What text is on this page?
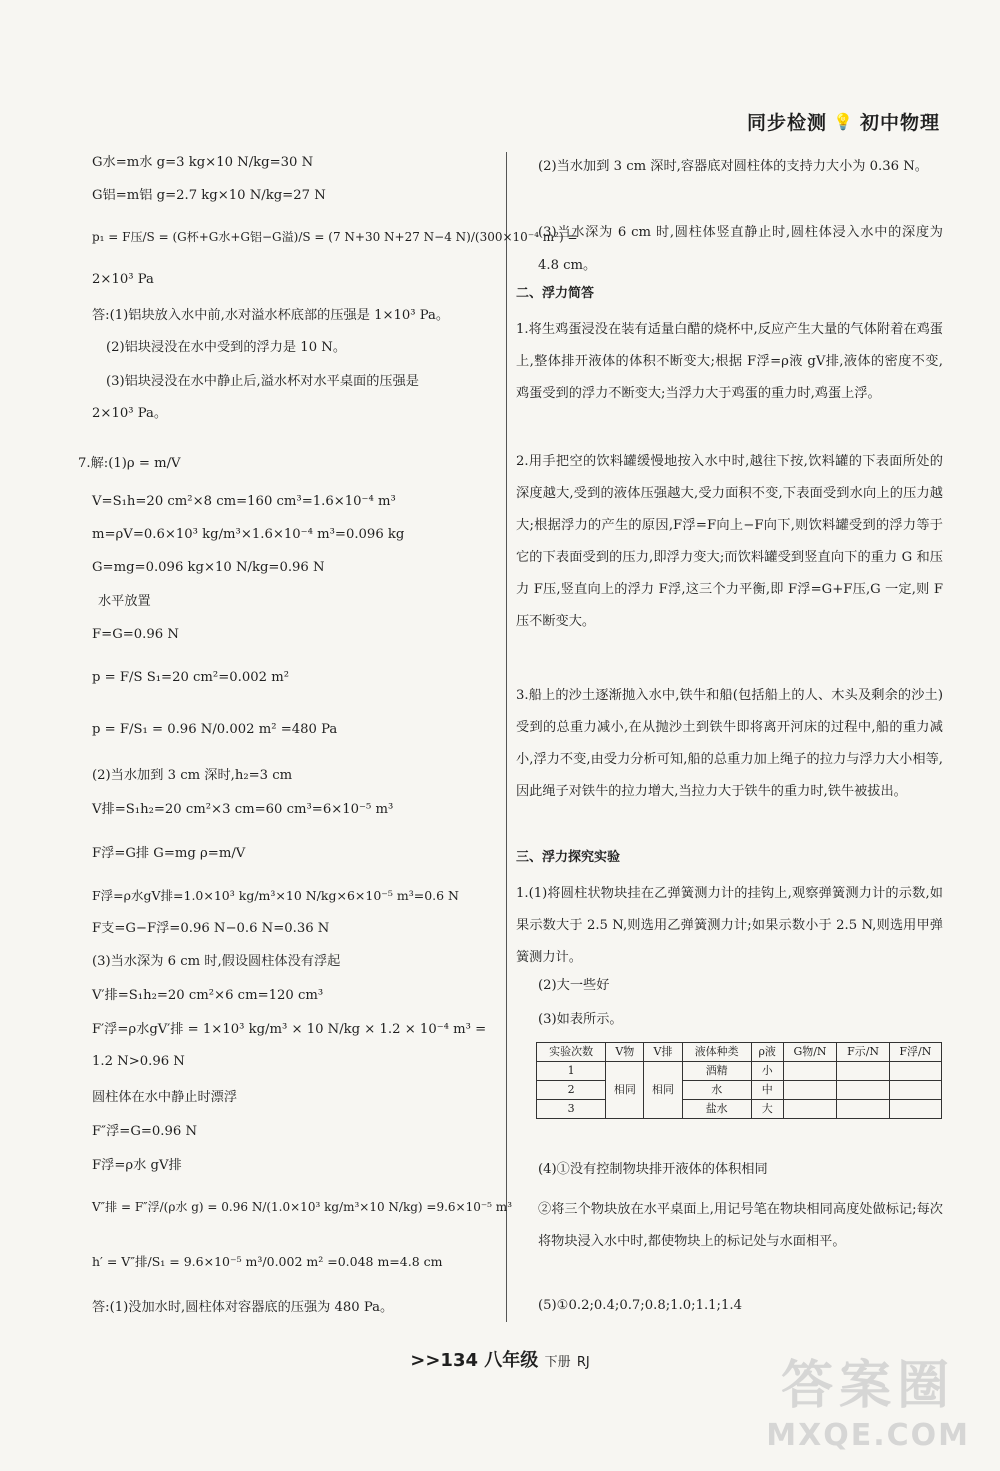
同步检测 💡 初中物理
G水=m水 g=3 kg×10 N/kg=30 N
G铝=m铝 g=2.7 kg×10 N/kg=27 N
p₁ = F压/S = (G杯+G水+G铝−G溢)/S = (7 N+30 N+27 N−4 N)/(300×10⁻⁴ m²) =
2×10³ Pa
答:(1)铝块放入水中前,水对溢水杯底部的压强是 1×10³ Pa。
(2)铝块浸没在水中受到的浮力是 10 N。
(3)铝块浸没在水中静止后,溢水杯对水平桌面的压强是
2×10³ Pa。
7.解:(1)ρ = m/V
V=S₁h=20 cm²×8 cm=160 cm³=1.6×10⁻⁴ m³
m=ρV=0.6×10³ kg/m³×1.6×10⁻⁴ m³=0.096 kg
G=mg=0.096 kg×10 N/kg=0.96 N
水平放置
F=G=0.96 N
p = F/S S₁=20 cm²=0.002 m²
p = F/S₁ = 0.96 N/0.002 m² =480 Pa
(2)当水加到 3 cm 深时,h₂=3 cm
V排=S₁h₂=20 cm²×3 cm=60 cm³=6×10⁻⁵ m³
F浮=G排 G=mg ρ=m/V
F浮=ρ水gV排=1.0×10³ kg/m³×10 N/kg×6×10⁻⁵ m³=0.6 N
F支=G−F浮=0.96 N−0.6 N=0.36 N
(3)当水深为 6 cm 时,假设圆柱体没有浮起
V′排=S₁h₂=20 cm²×6 cm=120 cm³
F′浮=ρ水gV′排 = 1×10³ kg/m³ × 10 N/kg × 1.2 × 10⁻⁴ m³ =
1.2 N>0.96 N
圆柱体在水中静止时漂浮
F″浮=G=0.96 N
F浮=ρ水 gV排
V″排 = F″浮/(ρ水 g) = 0.96 N/(1.0×10³ kg/m³×10 N/kg) =9.6×10⁻⁵ m³
h′ = V″排/S₁ = 9.6×10⁻⁵ m³/0.002 m² =0.048 m=4.8 cm
答:(1)没加水时,圆柱体对容器底的压强为 480 Pa。
(2)当水加到 3 cm 深时,容器底对圆柱体的支持力大小为 0.36 N。
(3)当水深为 6 cm 时,圆柱体竖直静止时,圆柱体浸入水中的深度为 4.8 cm。
二、浮力简答
1.将生鸡蛋浸没在装有适量白醋的烧杯中,反应产生大量的气体附着在鸡蛋上,整体排开液体的体积不断变大;根据 F浮=ρ液 gV排,液体的密度不变,鸡蛋受到的浮力不断变大;当浮力大于鸡蛋的重力时,鸡蛋上浮。
2.用手把空的饮料罐缓慢地按入水中时,越往下按,饮料罐的下表面所处的深度越大,受到的液体压强越大,受力面积不变,下表面受到水向上的压力越大;根据浮力的产生的原因,F浮=F向上−F向下,则饮料罐受到的浮力等于它的下表面受到的压力,即浮力变大;而饮料罐受到竖直向下的重力 G 和压力 F压,竖直向上的浮力 F浮,这三个力平衡,即 F浮=G+F压,G 一定,则 F压不断变大。
3.船上的沙土逐渐抛入水中,铁牛和船(包括船上的人、木头及剩余的沙土)受到的总重力减小,在从抛沙土到铁牛即将离开河床的过程中,船的重力减小,浮力不变,由受力分析可知,船的总重力加上绳子的拉力与浮力大小相等,因此绳子对铁牛的拉力增大,当拉力大于铁牛的重力时,铁牛被拔出。
三、浮力探究实验
1.(1)将圆柱状物块挂在乙弹簧测力计的挂钩上,观察弹簧测力计的示数,如果示数大于 2.5 N,则选用乙弹簧测力计;如果示数小于 2.5 N,则选用甲弹簧测力计。
(2)大一些好
(3)如表所示。
实验次数	V物	V排	液体种类	ρ液	G物/N	F示/N	F浮/N
1	相同	相同	酒精	小			
2			水	中			
3			盐水	大			
(4)①没有控制物块排开液体的体积相同
②将三个物块放在水平桌面上,用记号笔在物块相同高度处做标记;每次将物块浸入水中时,都使物块上的标记处与水面相平。
(5)①0.2;0.4;0.7;0.8;1.0;1.1;1.4
>>134 八年级 下册 RJ	答案圈
MXQE.COM
